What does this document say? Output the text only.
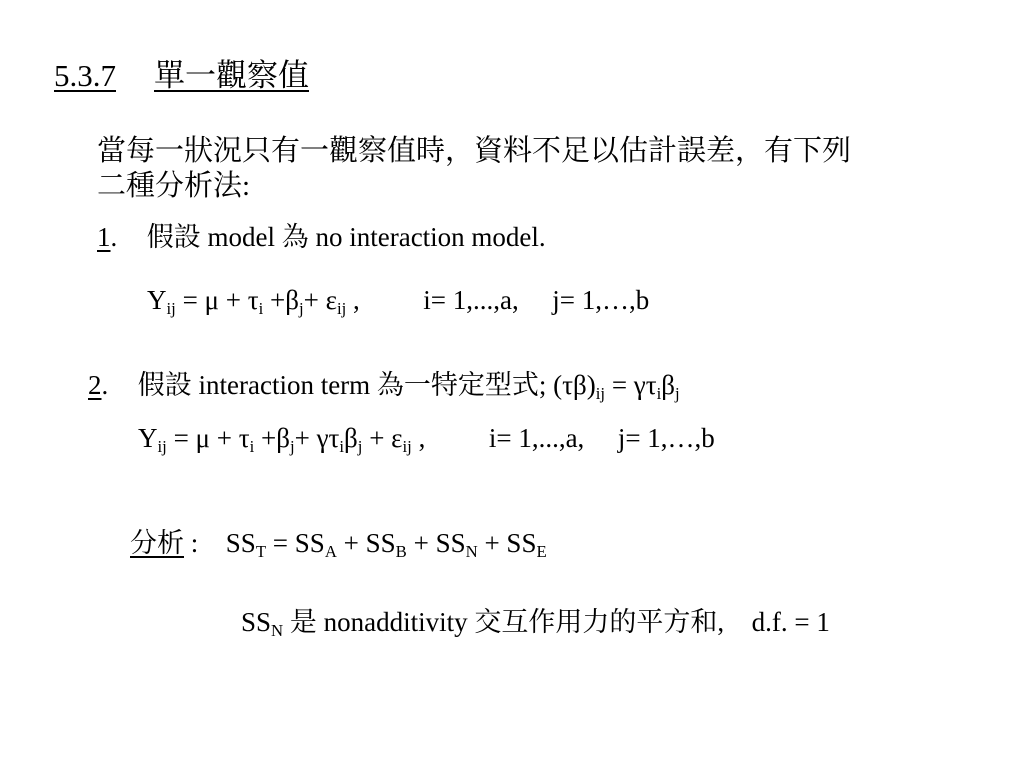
5.3.7 單一觀察值
當每一狀況只有一觀察值時，資料不足以估計誤差，有下列
二種分析法:
1. 假設 model 為 no interaction model.
$Y_{ij} = \mu + \tau_i +\beta_j+ \varepsilon_{ij}$ , i= 1,...,a, j= 1,…,b
2. 假設 interaction term 為一特定型式; $(\tau\beta)_{ij} = \gamma\tau_i\beta_j$
$Y_{ij} = \mu + \tau_i +\beta_j+ \gamma\tau_i\beta_j + \varepsilon_{ij}$ , i= 1,...,a, j= 1,…,b
分析 : $SS_T = SS_A + SS_B + SS_N + SS_E$
$SS_N$ 是 nonadditivity 交互作用力的平方和, d.f. = 1
